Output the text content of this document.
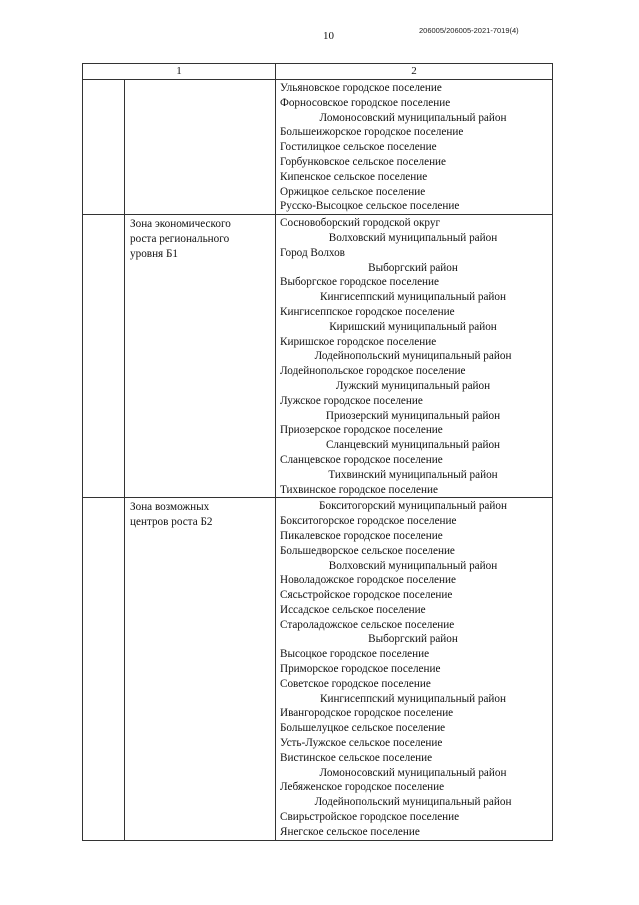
206005/206005-2021-7019(4)
10
1	2
Ульяновское городское поселение
Форносовское городское поселение
Ломоносовский муниципальный район
Большеижорское городское поселение
Гостилицкое сельское поселение
Горбунковское сельское поселение
Кипенское сельское поселение
Оржицкое сельское поселение
Русско-Высоцкое сельское поселение
Зона экономического
роста регионального
уровня Б1
Сосновоборский городской округ
Волховский муниципальный район
Город Волхов
Выборгский район
Выборгское городское поселение
Кингисеппский муниципальный район
Кингисеппское городское поселение
Киришский муниципальный район
Киришское городское поселение
Лодейнопольский муниципальный район
Лодейнопольское городское поселение
Лужский муниципальный район
Лужское городское поселение
Приозерский муниципальный район
Приозерское городское поселение
Сланцевский муниципальный район
Сланцевское городское поселение
Тихвинский муниципальный район
Тихвинское городское поселение
Зона возможных
центров роста Б2
Бокситогорский муниципальный район
Бокситогорское городское поселение
Пикалевское городское поселение
Большедворское сельское поселение
Волховский муниципальный район
Новоладожское городское поселение
Сясьстройское городское поселение
Иссадское сельское поселение
Староладожское сельское поселение
Выборгский район
Высоцкое городское поселение
Приморское городское поселение
Советское городское поселение
Кингисеппский муниципальный район
Ивангородское городское поселение
Большелуцкое сельское поселение
Усть-Лужское сельское поселение
Вистинское сельское поселение
Ломоносовский муниципальный район
Лебяженское городское поселение
Лодейнопольский муниципальный район
Свирьстройское городское поселение
Янегское сельское поселение
